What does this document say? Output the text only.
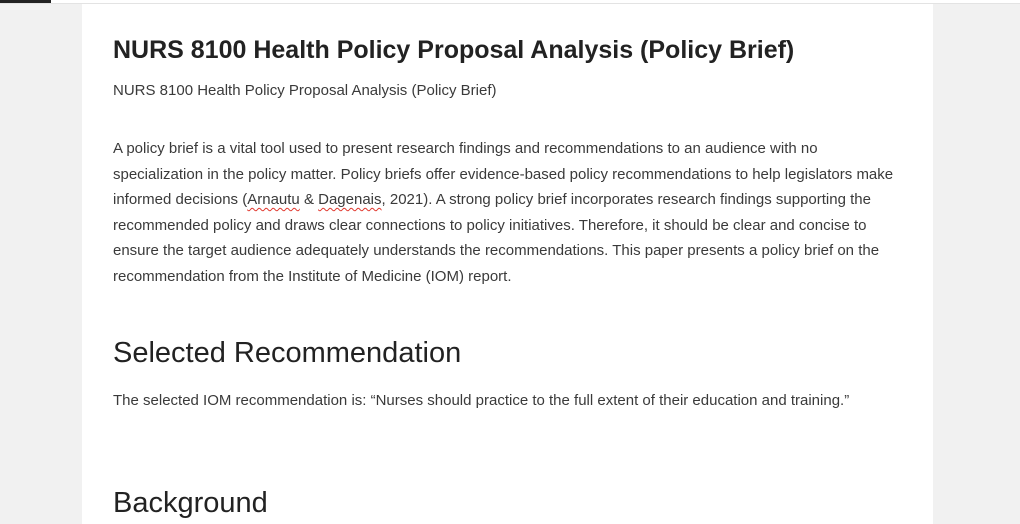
NURS 8100 Health Policy Proposal Analysis (Policy Brief)

NURS 8100 Health Policy Proposal Analysis (Policy Brief)

A policy brief is a vital tool used to present research findings and recommendations to an audience with no specialization in the policy matter. Policy briefs offer evidence-based policy recommendations to help legislators make informed decisions (Arnautu & Dagenais, 2021). A strong policy brief incorporates research findings supporting the recommended policy and draws clear connections to policy initiatives. Therefore, it should be clear and concise to ensure the target audience adequately understands the recommendations. This paper presents a policy brief on the recommendation from the Institute of Medicine (IOM) report.

Selected Recommendation

The selected IOM recommendation is: “Nurses should practice to the full extent of their education and training.”

Background
